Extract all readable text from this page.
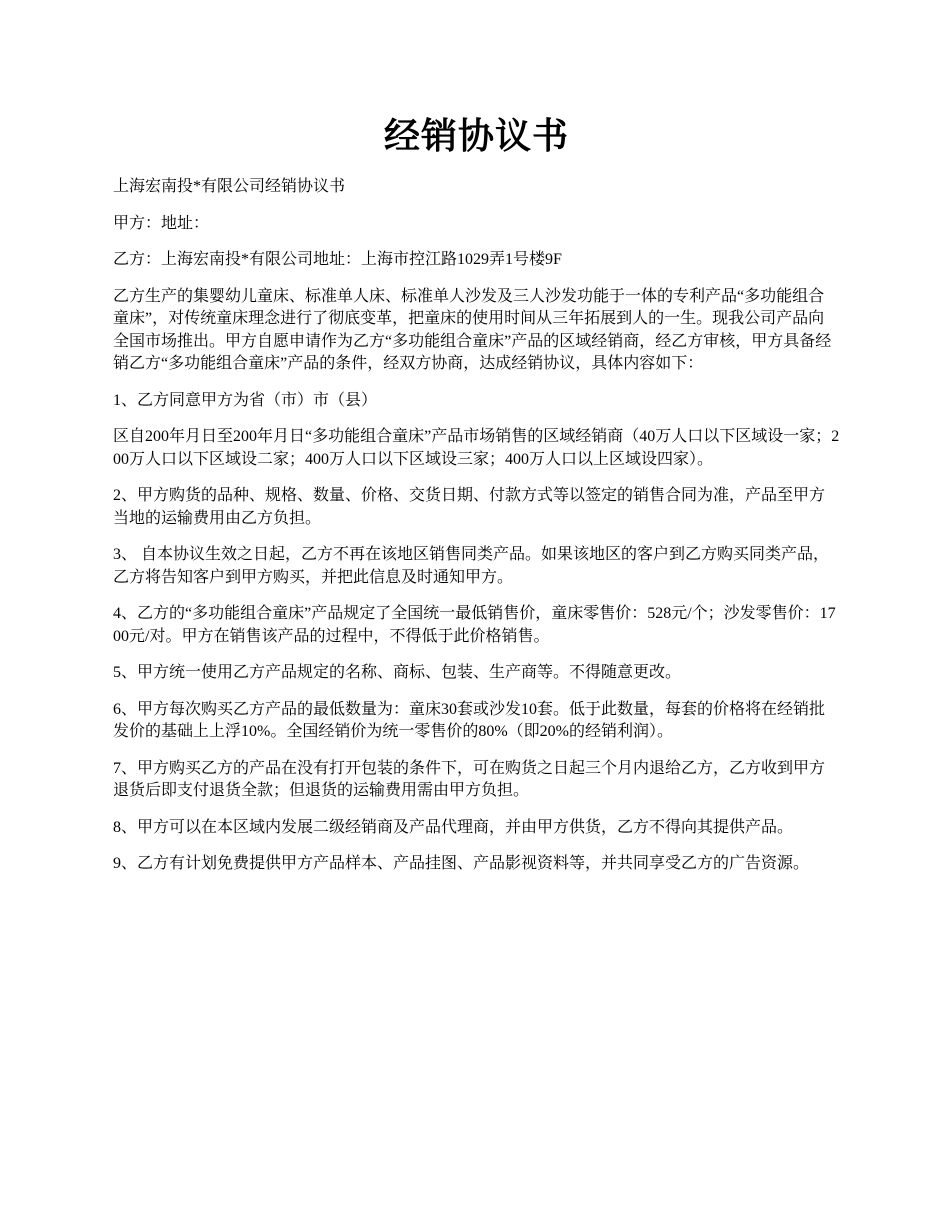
经销协议书

上海宏南投*有限公司经销协议书

甲方：地址：

乙方：上海宏南投*有限公司地址：上海市控江路1029弄1号楼9F

乙方生产的集婴幼儿童床、标准单人床、标准单人沙发及三人沙发功能于一体的专利产品“多功能组合童床”，对传统童床理念进行了彻底变革，把童床的使用时间从三年拓展到人的一生。现我公司产品向全国市场推出。甲方自愿申请作为乙方“多功能组合童床”产品的区域经销商，经乙方审核，甲方具备经销乙方“多功能组合童床”产品的条件，经双方协商，达成经销协议，具体内容如下：

1、乙方同意甲方为省（市）市（县）

区自200年月日至200年月日“多功能组合童床”产品市场销售的区域经销商（40万人口以下区域设一家；200万人口以下区域设二家；400万人口以下区域设三家；400万人口以上区域设四家）。

2、甲方购货的品种、规格、数量、价格、交货日期、付款方式等以签定的销售合同为准，产品至甲方当地的运输费用由乙方负担。

3、 自本协议生效之日起，乙方不再在该地区销售同类产品。如果该地区的客户到乙方购买同类产品，乙方将告知客户到甲方购买，并把此信息及时通知甲方。

4、乙方的“多功能组合童床”产品规定了全国统一最低销售价，童床零售价：528元/个；沙发零售价：1700元/对。甲方在销售该产品的过程中，不得低于此价格销售。

5、甲方统一使用乙方产品规定的名称、商标、包装、生产商等。不得随意更改。

6、甲方每次购买乙方产品的最低数量为：童床30套或沙发10套。低于此数量，每套的价格将在经销批发价的基础上上浮10%。全国经销价为统一零售价的80%（即20%的经销利润）。

7、甲方购买乙方的产品在没有打开包装的条件下，可在购货之日起三个月内退给乙方，乙方收到甲方退货后即支付退货全款；但退货的运输费用需由甲方负担。

8、甲方可以在本区域内发展二级经销商及产品代理商，并由甲方供货，乙方不得向其提供产品。

9、乙方有计划免费提供甲方产品样本、产品挂图、产品影视资料等，并共同享受乙方的广告资源。
